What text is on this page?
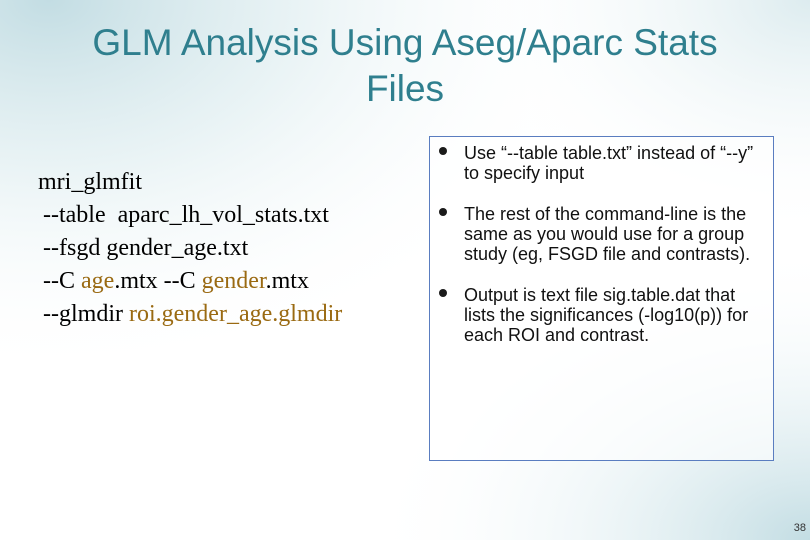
GLM Analysis Using Aseg/Aparc Stats
Files
mri_glmfit
--table  aparc_lh_vol_stats.txt
--fsgd gender_age.txt
--C age.mtx --C gender.mtx
--glmdir roi.gender_age.glmdir
Use “--table table.txt” instead of “--y” to specify input
The rest of the command-line is the same as you would use for a group study (eg, FSGD file and contrasts).
Output is text file sig.table.dat that lists the significances (-log10(p)) for each ROI and contrast.
38
